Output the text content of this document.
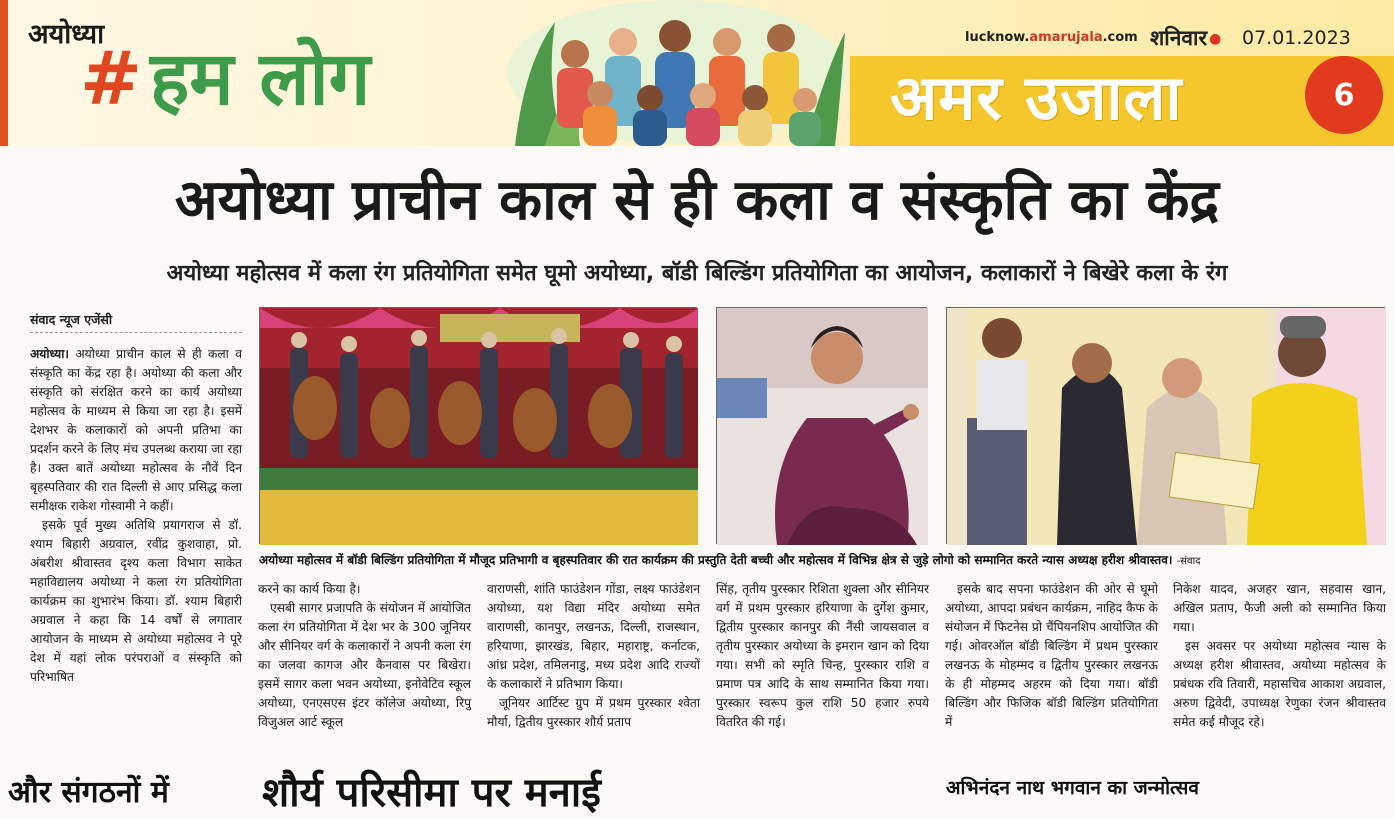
अयोध्या
# हम लोग	अमर उजाला
lucknow.amarujala.com शनिवार ● 07.01.2023
6
अयोध्या प्राचीन काल से ही कला व संस्कृति का केंद्र
अयोध्या महोत्सव में कला रंग प्रतियोगिता समेत घूमो अयोध्या, बॉडी बिल्डिंग प्रतियोगिता का आयोजन, कलाकारों ने बिखेरे कला के रंग
संवाद न्यूज एजेंसी
अयोध्या महोत्सव में बॉडी बिल्डिंग प्रतियोगिता में मौजूद प्रतिभागी व बृहस्पतिवार की रात कार्यक्रम की प्रस्तुति देती बच्ची और महोत्सव में विभिन्न क्षेत्र से जुड़े लोगो को सम्मानित करते न्यास अध्यक्ष हरीश श्रीवास्तव। -संवाद

अयोध्या। अयोध्या प्राचीन काल से ही कला व संस्कृति का केंद्र रहा है। अयोध्या की कला और संस्कृति को संरक्षित करने का कार्य अयोध्या महोत्सव के माध्यम से किया जा रहा है। इसमें देशभर के कलाकारों को अपनी प्रतिभा का प्रदर्शन करने के लिए मंच उपलब्ध कराया जा रहा है। उक्त बातें अयोध्या महोत्सव के नौवें दिन बृहस्पतिवार की रात दिल्ली से आए प्रसिद्ध कला समीक्षक राकेश गोस्वामी ने कहीं।

इसके पूर्व मुख्य अतिथि प्रयागराज से डॉ. श्याम बिहारी अग्रवाल, रवींद्र कुशवाहा, प्रो. अंबरीश श्रीवास्तव दृश्य कला विभाग साकेत महाविद्यालय अयोध्या ने कला रंग प्रतियोगिता कार्यक्रम का शुभारंभ किया। डॉ. श्याम बिहारी अग्रवाल ने कहा कि 14 वर्षों से लगातार आयोजन के माध्यम से अयोध्या महोत्सव ने पूरे देश में यहां लोक परंपराओं व संस्कृति को परिभाषित

करने का कार्य किया है।

एसबी सागर प्रजापति के संयोजन में आयोजित कला रंग प्रतियोगिता में देश भर के 300 जूनियर और सीनियर वर्ग के कलाकारों ने अपनी कला रंग का जलवा कागज और कैनवास पर बिखेरा। इसमें सागर कला भवन अयोध्या, इनोवेटिव स्कूल अयोध्या, एनएसएस इंटर कॉलेज अयोध्या, रिपु विजुअल आर्ट स्कूल

वाराणसी, शांति फाउंडेशन गोंडा, लक्ष्य फाउंडेशन अयोध्या, यश विद्या मंदिर अयोध्या समेत वाराणसी, कानपुर, लखनऊ, दिल्ली, राजस्थान, हरियाणा, झारखंड, बिहार, महाराष्ट्र, कर्नाटक, आंध्र प्रदेश, तमिलनाडु, मध्य प्रदेश आदि राज्यों के कलाकारों ने प्रतिभाग किया।

जूनियर आर्टिस्ट ग्रुप में प्रथम पुरस्कार श्वेता मौर्या, द्वितीय पुरस्कार शौर्य प्रताप

सिंह, तृतीय पुरस्कार रिशिता शुक्ला और सीनियर वर्ग में प्रथम पुरस्कार हरियाणा के दुर्गेश कुमार, द्वितीय पुरस्कार कानपुर की नैंसी जायसवाल व तृतीय पुरस्कार अयोध्या के इमरान खान को दिया गया। सभी को स्मृति चिन्ह, पुरस्कार राशि व प्रमाण पत्र आदि के साथ सम्मानित किया गया। पुरस्कार स्वरूप कुल राशि 50 हजार रुपये वितरित की गई।

इसके बाद सपना फाउंडेशन की ओर से घूमो अयोध्या, आपदा प्रबंधन कार्यक्रम, नाहिद कैफ के संयोजन में फिटनेस प्रो चैंपियनशिप आयोजित की गई। ओवरऑल बॉडी बिल्डिंग में प्रथम पुरस्कार लखनऊ के मोहम्मद व द्वितीय पुरस्कार लखनऊ के ही मोहम्मद अहरम को दिया गया। बॉडी बिल्डिंग और फिजिक बॉडी बिल्डिंग प्रतियोगिता में

निकेश यादव, अजहर खान, सहवास खान, अखिल प्रताप, फैजी अली को सम्मानित किया गया।

इस अवसर पर अयोध्या महोत्सव न्यास के अध्यक्ष हरीश श्रीवास्तव, अयोध्या महोत्सव के प्रबंधक रवि तिवारी, महासचिव आकाश अग्रवाल, अरुण द्विवेदी, उपाध्यक्ष रेणुका रंजन श्रीवास्तव समेत कई मौजूद रहे।

और संगठनों में शौर्य परिसीमा पर मनाई	अभिनंदन नाथ भगवान का जन्मोत्सव
